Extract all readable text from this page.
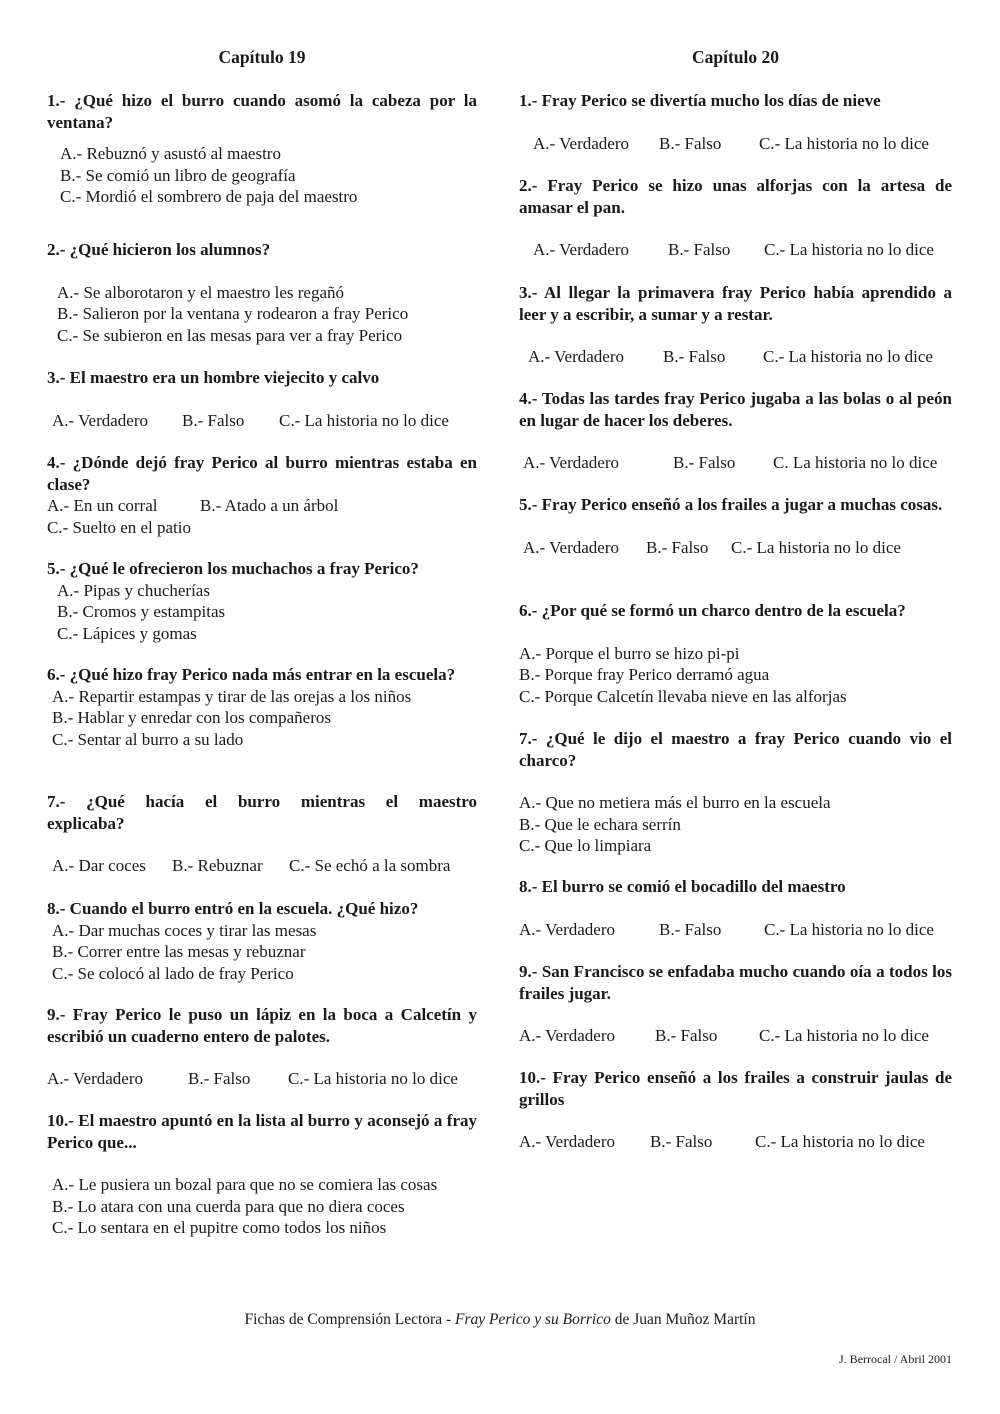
Capítulo 19

1.- ¿Qué hizo el burro cuando asomó la cabeza por la ventana?

A.- Rebuznó y asustó al maestro
B.- Se comió un libro de geografía
C.- Mordió el sombrero de paja del maestro

2.- ¿Qué hicieron los alumnos?

A.- Se alborotaron y el maestro les regañó
B.- Salieron por la ventana y rodearon a fray Perico
C.- Se subieron en las mesas para ver a fray Perico

3.- El maestro era un hombre viejecito y calvo

A.- Verdadero	B.- Falso	C.- La historia no lo dice

4.- ¿Dónde dejó fray Perico al burro mientras estaba en clase?

A.- En un corral	B.- Atado a un árbol
C.- Suelto en el patio

5.- ¿Qué le ofrecieron los muchachos a fray Perico?

A.- Pipas y chucherías
B.- Cromos y estampitas
C.- Lápices y gomas

6.- ¿Qué hizo fray Perico nada más entrar en la escuela?

A.- Repartir estampas y tirar de las orejas a los niños
B.- Hablar y enredar con los compañeros
C.- Sentar al burro a su lado

7.- ¿Qué hacía el burro mientras el maestro explicaba?

A.- Dar coces	B.- Rebuznar	C.- Se echó a la sombra

8.- Cuando el burro entró en la escuela. ¿Qué hizo?

A.- Dar muchas coces y tirar las mesas
B.- Correr entre las mesas y rebuznar
C.- Se colocó al lado de fray Perico

9.- Fray Perico le puso un lápiz en la boca a Calcetín y escribió un cuaderno entero de palotes.

A.- Verdadero	B.- Falso	C.- La historia no lo dice

10.- El maestro apuntó en la lista al burro y aconsejó a fray Perico que...

A.- Le pusiera un bozal para que no se comiera las cosas
B.- Lo atara con una cuerda para que no diera coces
C.- Lo sentara en el pupitre como todos los niños
Capítulo 20

1.- Fray Perico se divertía mucho los días de nieve

A.- Verdadero	B.- Falso	C.- La historia no lo dice

2.- Fray Perico se hizo unas alforjas con la artesa de amasar el pan.

A.- Verdadero	B.- Falso	C.- La historia no lo dice

3.- Al llegar la primavera fray Perico había aprendido a leer y a escribir, a sumar y a restar.

A.- Verdadero	B.- Falso	C.- La historia no lo dice

4.- Todas las tardes fray Perico jugaba a las bolas o al peón en lugar de hacer los deberes.

A.- Verdadero	B.- Falso	C. La historia no lo dice

5.- Fray Perico enseñó a los frailes a jugar a muchas cosas.

A.- Verdadero	B.- Falso	C.- La historia no lo dice

6.- ¿Por qué se formó un charco dentro de la escuela?

A.- Porque el burro se hizo pi-pi
B.- Porque fray Perico derramó agua
C.- Porque Calcetín llevaba nieve en las alforjas

7.- ¿Qué le dijo el maestro a fray Perico cuando vio el charco?

A.- Que no metiera más el burro en la escuela
B.- Que le echara serrín
C.- Que lo limpiara

8.- El burro se comió el bocadillo del maestro

A.- Verdadero	B.- Falso	C.- La historia no lo dice

9.- San Francisco se enfadaba mucho cuando oía a todos los frailes jugar.

A.- Verdadero	B.- Falso	C.- La historia no lo dice

10.- Fray Perico enseñó a los frailes a construir jaulas de grillos

A.- Verdadero	B.- Falso	C.- La historia no lo dice
Fichas de Comprensión Lectora - Fray Perico y su Borrico de Juan Muñoz Martín
J. Berrocal / Abril 2001
